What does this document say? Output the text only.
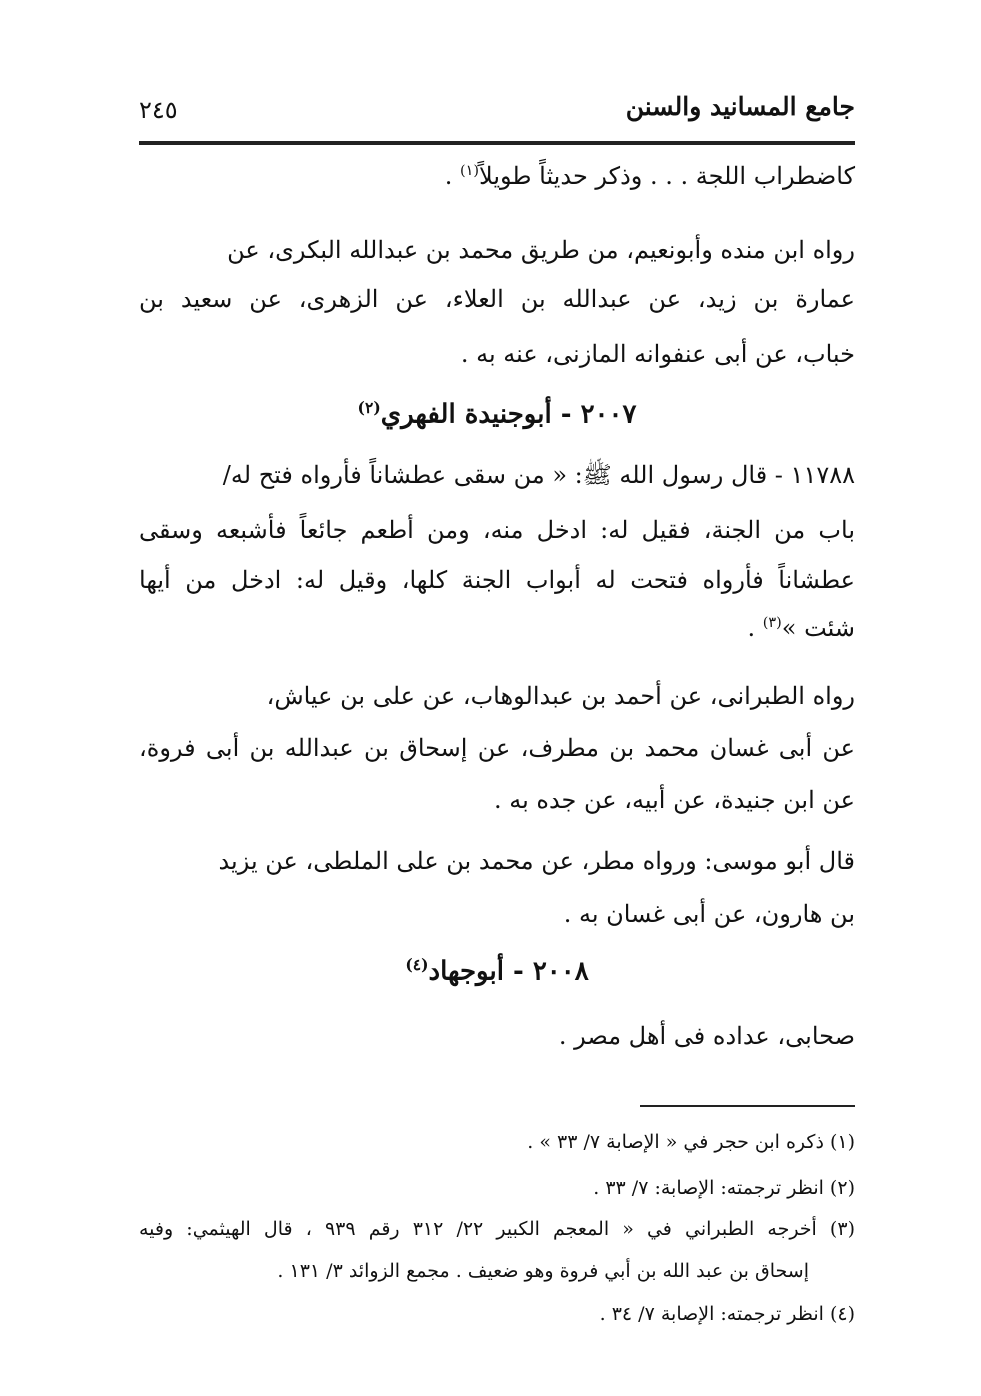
جامع المسانيد والسنن
٢٤٥
كاضطراب اللجة . . . وذكر حديثاً طويلاً$^{(١)}$ .
رواه ابن منده وأبونعيم، من طريق محمد بن عبدالله البكرى، عن
عمارة بن زيد، عن عبدالله بن العلاء، عن الزهرى، عن سعيد بن
خباب، عن أبى عنفوانه المازنى، عنه به .
٢٠٠٧ - أبوجنيدة الفهري$^{(٢)}$
١١٧٨٨ - قال رسول الله ﷺ: « من سقى عطشاناً فأرواه فتح له/
باب من الجنة، فقيل له: ادخل منه، ومن أطعم جائعاً فأشبعه وسقى
عطشاناً فأرواه فتحت له أبواب الجنة كلها، وقيل له: ادخل من أيها
شئت »$^{(٣)}$ .
رواه الطبرانى، عن أحمد بن عبدالوهاب، عن على بن عياش،
عن أبى غسان محمد بن مطرف، عن إسحاق بن عبدالله بن أبى فروة،
عن ابن جنيدة، عن أبيه، عن جده به .
قال أبو موسى: ورواه مطر، عن محمد بن على الملطى، عن يزيد
بن هارون، عن أبى غسان به .
٢٠٠٨ - أبوجهاد$^{(٤)}$
صحابى، عداده فى أهل مصر .
(١) ذكره ابن حجر في « الإصابة ٧/ ٣٣ » .
(٢) انظر ترجمته: الإصابة: ٧/ ٣٣ .
(٣) أخرجه الطبراني في « المعجم الكبير ٢٢/ ٣١٢ رقم ٩٣٩ ، قال الهيثمي: وفيه
إسحاق بن عبد الله بن أبي فروة وهو ضعيف . مجمع الزوائد ٣/ ١٣١ .
(٤) انظر ترجمته: الإصابة ٧/ ٣٤ .
